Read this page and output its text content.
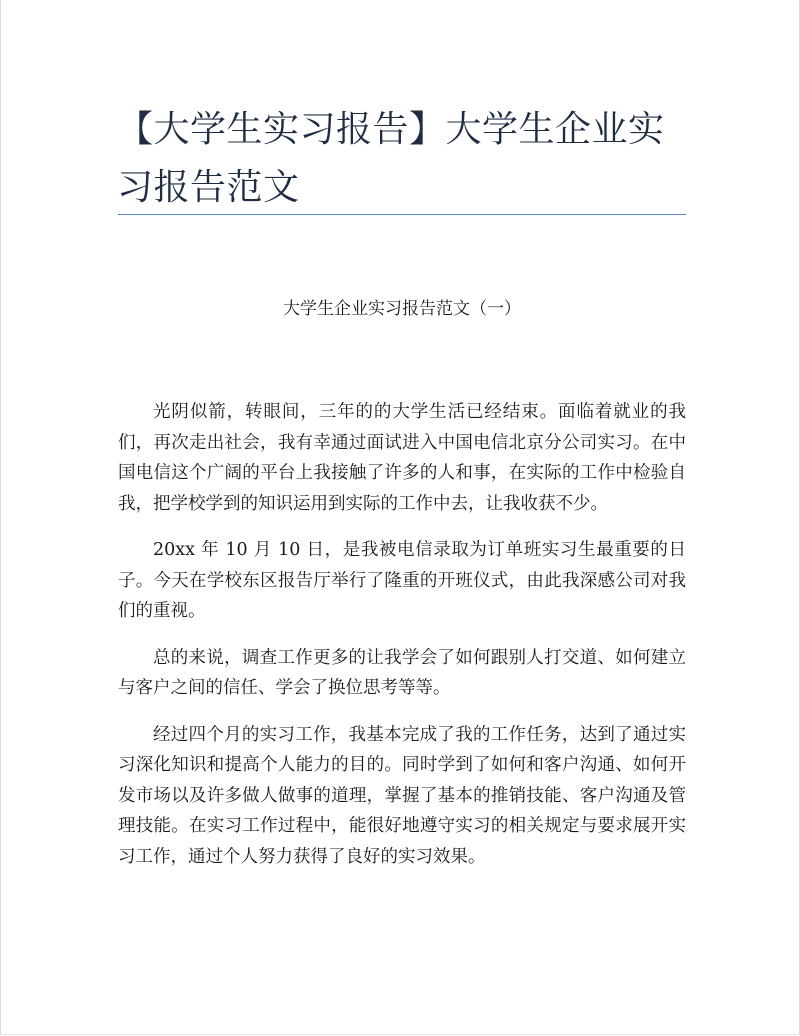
【大学生实习报告】大学生企业实习报告范文
大学生企业实习报告范文（一）

光阴似箭，转眼间，三年的的大学生活已经结束。面临着就业的我们，再次走出社会，我有幸通过面试进入中国电信北京分公司实习。在中国电信这个广阔的平台上我接触了许多的人和事，在实际的工作中检验自我，把学校学到的知识运用到实际的工作中去，让我收获不少。

20xx 年 10 月 10 日，是我被电信录取为订单班实习生最重要的日子。今天在学校东区报告厅举行了隆重的开班仪式，由此我深感公司对我们的重视。

总的来说，调查工作更多的让我学会了如何跟别人打交道、如何建立与客户之间的信任、学会了换位思考等等。

经过四个月的实习工作，我基本完成了我的工作任务，达到了通过实习深化知识和提高个人能力的目的。同时学到了如何和客户沟通、如何开发市场以及许多做人做事的道理，掌握了基本的推销技能、客户沟通及管理技能。在实习工作过程中，能很好地遵守实习的相关规定与要求展开实习工作，通过个人努力获得了良好的实习效果。
